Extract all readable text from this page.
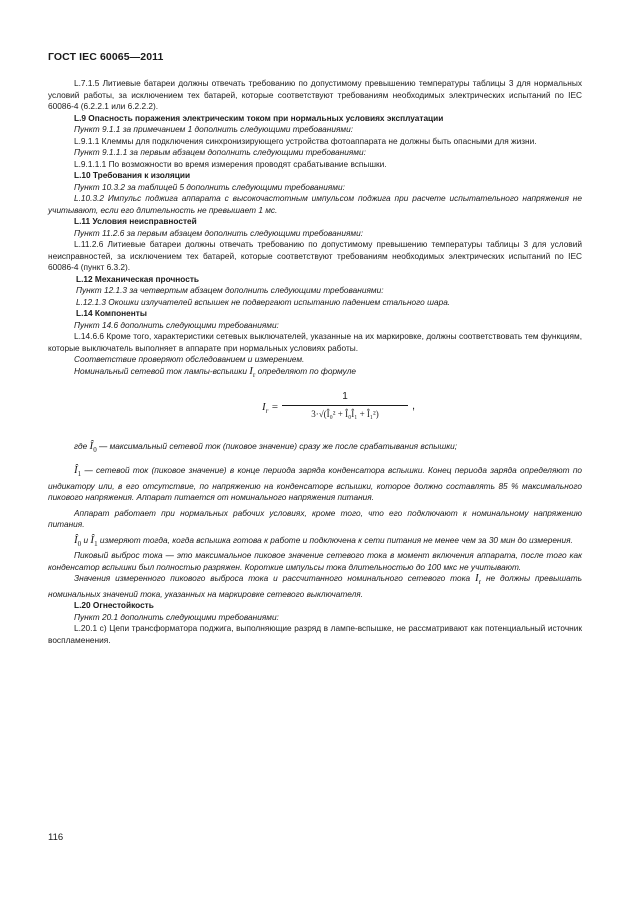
ГОСТ IEC 60065—2011

L.7.1.5 Литиевые батареи должны отвечать требованию по допустимому превышению температуры таблицы 3 для нормальных условий работы, за исключением тех батарей, которые соответствуют требованиям необходимых электрических испытаний по IEC 60086-4 (6.2.2.1 или 6.2.2.2).

L.9 Опасность поражения электрическим током при нормальных условиях эксплуатации

Пункт 9.1.1 за примечанием 1 дополнить следующими требованиями:

L.9.1.1 Клеммы для подключения синхронизирующего устройства фотоаппарата не должны быть опасными для жизни.

Пункт 9.1.1.1 за первым абзацем дополнить следующими требованиями:

L.9.1.1.1 По возможности во время измерения проводят срабатывание вспышки.

L.10 Требования к изоляции

Пункт 10.3.2 за таблицей 5 дополнить следующими требованиями:

L.10.3.2 Импульс поджига аппарата с высокочастотным импульсом поджига при расчете испытательного напряжения не учитывают, если его длительность не превышает 1 мс.

L.11 Условия неисправностей

Пункт 11.2.6 за первым абзацем дополнить следующими требованиями:

L.11.2.6 Литиевые батареи должны отвечать требованию по допустимому превышению температуры таблицы 3 для условий неисправностей, за исключением тех батарей, которые соответствуют требованиям необходимых электрических испытаний по IEC 60086-4 (пункт 6.3.2).

L.12 Механическая прочность

Пункт 12.1.3 за четвертым абзацем дополнить следующими требованиями:

L.12.1.3 Окошки излучателей вспышек не подвергают испытанию падением стального шара.

L.14 Компоненты

Пункт 14.6 дополнить следующими требованиями:

L.14.6.6 Кроме того, характеристики сетевых выключателей, указанные на их маркировке, должны соответствовать тем функциям, которые выключатель выполняет в аппарате при нормальных условиях работы.

Соответствие проверяют обследованием и измерением.

Номинальный сетевой ток лампы-вспышки $I_r$ определяют по формуле

$I_r$ =
1
3·√(Î₀² + Î₀Î₁ + Î₁²)
,

где $Î_0$ — максимальный сетевой ток (пиковое значение) сразу же после срабатывания вспышки;

$Î_1$ — сетевой ток (пиковое значение) в конце периода заряда конденсатора вспышки. Конец периода заряда определяют по индикатору или, в его отсутствие, по напряжению на конденсаторе вспышки, которое должно составлять 85 % максимального пикового напряжения. Аппарат питается от номинального напряжения питания.

Аппарат работает при нормальных рабочих условиях, кроме того, что его подключают к номинальному напряжению питания.

$Î_0$ и $Î_1$ измеряют тогда, когда вспышка готова к работе и подключена к сети питания не менее чем за 30 мин до измерения.

Пиковый выброс тока — это максимальное пиковое значение сетевого тока в момент включения аппарата, после того как конденсатор вспышки был полностью разряжен. Короткие импульсы тока длительностью до 100 мкс не учитывают.

Значения измеренного пикового выброса тока и рассчитанного номинального сетевого тока $I_r$ не должны превышать номинальных значений тока, указанных на маркировке сетевого выключателя.

L.20 Огнестойкость

Пункт 20.1 дополнить следующими требованиями:

L.20.1 c) Цепи трансформатора поджига, выполняющие разряд в лампе-вспышке, не рассматривают как потенциальный источник воспламенения.

116
